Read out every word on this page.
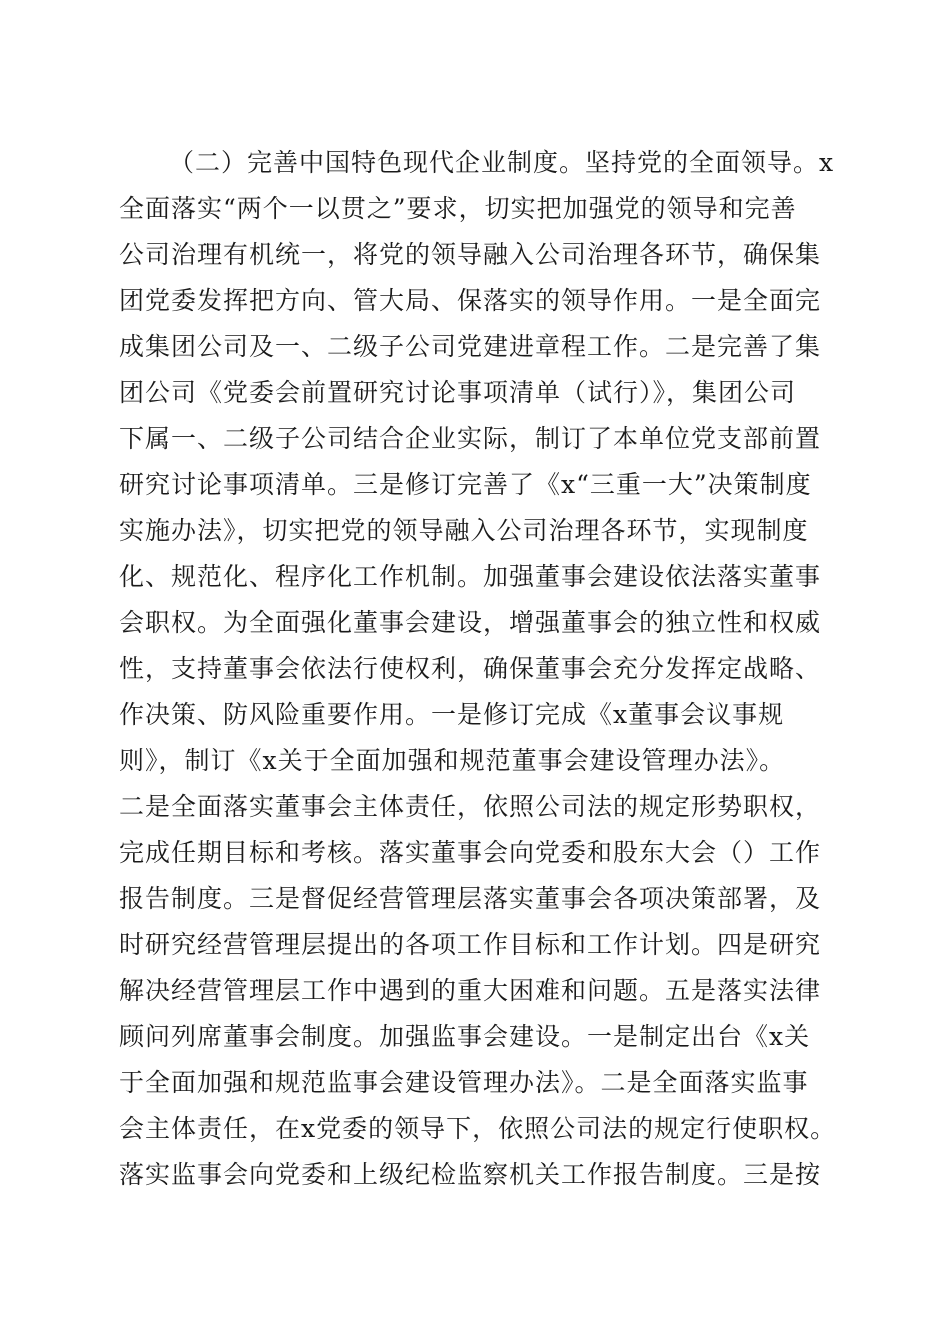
（二）完善中国特色现代企业制度。坚持党的全面领导。x
全面落实“两个一以贯之”要求，切实把加强党的领导和完善
公司治理有机统一，将党的领导融入公司治理各环节，确保集
团党委发挥把方向、管大局、保落实的领导作用。一是全面完
成集团公司及一、二级子公司党建进章程工作。二是完善了集
团公司《党委会前置研究讨论事项清单（试行）》，集团公司
下属一、二级子公司结合企业实际，制订了本单位党支部前置
研究讨论事项清单。三是修订完善了《x“三重一大”决策制度
实施办法》，切实把党的领导融入公司治理各环节，实现制度
化、规范化、程序化工作机制。加强董事会建设依法落实董事
会职权。为全面强化董事会建设，增强董事会的独立性和权威
性，支持董事会依法行使权利，确保董事会充分发挥定战略、
作决策、防风险重要作用。一是修订完成《x董事会议事规
则》，制订《x关于全面加强和规范董事会建设管理办法》。
二是全面落实董事会主体责任，依照公司法的规定形势职权，
完成任期目标和考核。落实董事会向党委和股东大会（）工作
报告制度。三是督促经营管理层落实董事会各项决策部署，及
时研究经营管理层提出的各项工作目标和工作计划。四是研究
解决经营管理层工作中遇到的重大困难和问题。五是落实法律
顾问列席董事会制度。加强监事会建设。一是制定出台《x关
于全面加强和规范监事会建设管理办法》。二是全面落实监事
会主体责任，在x党委的领导下，依照公司法的规定行使职权。
落实监事会向党委和上级纪检监察机关工作报告制度。三是按
